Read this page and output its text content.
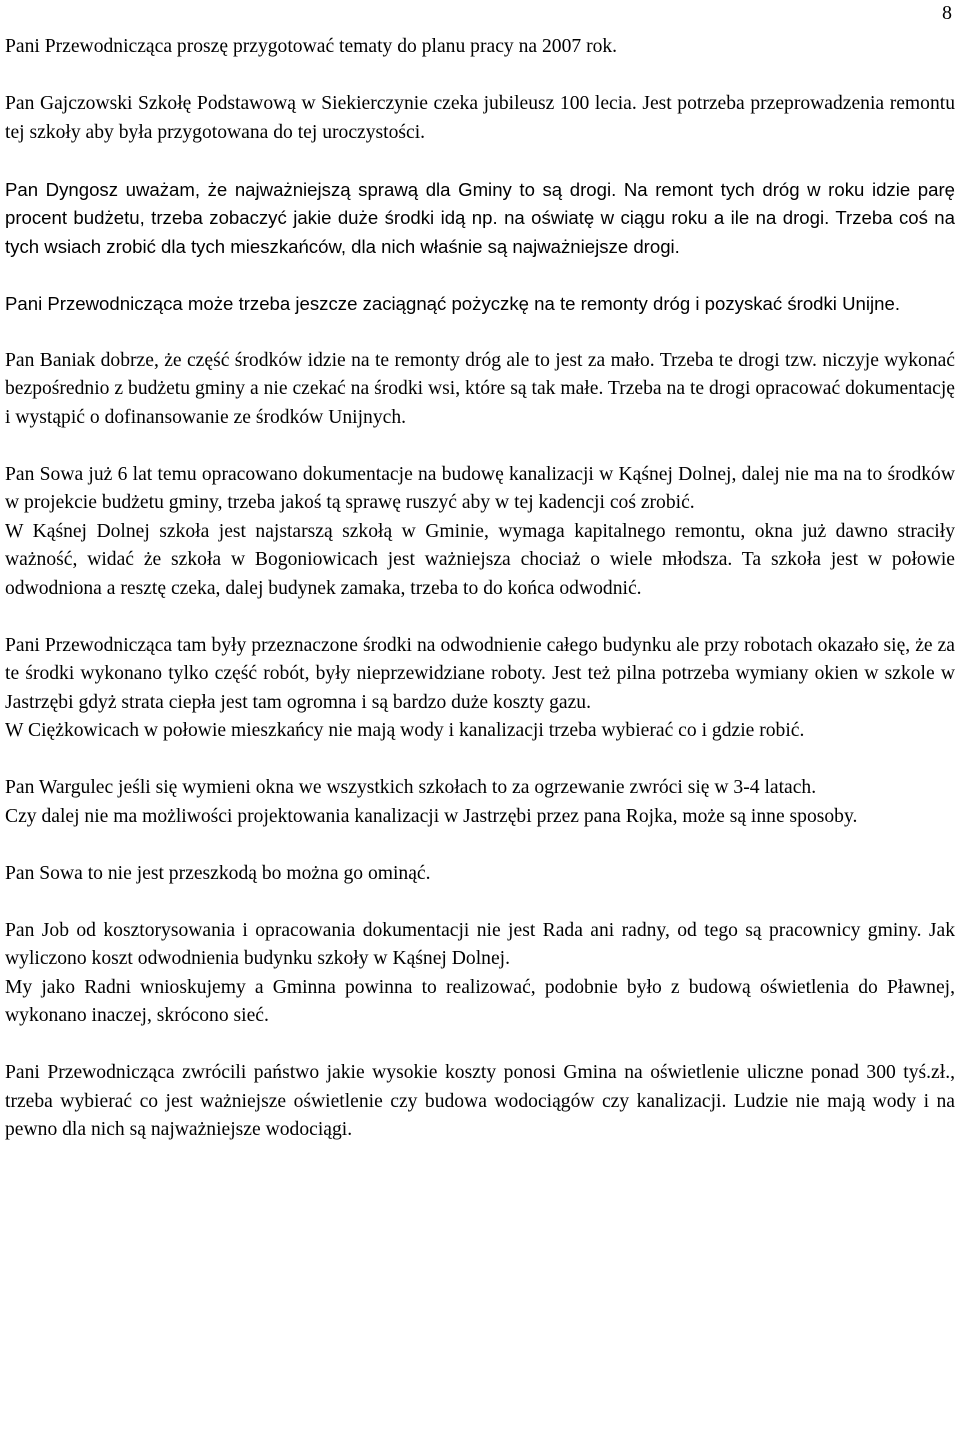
8

Pani Przewodnicząca proszę przygotować tematy do planu pracy na 2007 rok.

Pan Gajczowski Szkołę Podstawową w Siekierczynie czeka jubileusz 100 lecia. Jest potrzeba przeprowadzenia remontu tej szkoły aby była przygotowana do tej uroczystości.

Pan Dyngosz uważam, że najważniejszą sprawą dla Gminy to są drogi. Na remont tych dróg w roku idzie parę procent budżetu, trzeba zobaczyć jakie duże środki idą np. na oświatę w ciągu roku a ile na drogi. Trzeba coś na tych wsiach zrobić dla tych mieszkańców, dla nich właśnie są najważniejsze drogi.

Pani Przewodnicząca może trzeba jeszcze zaciągnąć pożyczkę na te remonty dróg i pozyskać środki Unijne.

Pan Baniak dobrze, że część środków idzie na te remonty dróg ale to jest za mało. Trzeba te drogi tzw. niczyje wykonać bezpośrednio z budżetu gminy a nie czekać na środki wsi, które są tak małe. Trzeba na te drogi opracować dokumentację i wystąpić o dofinansowanie ze środków Unijnych.

Pan Sowa już 6 lat temu opracowano dokumentacje na budowę kanalizacji w Kąśnej Dolnej, dalej nie ma na to środków w projekcie budżetu gminy, trzeba jakoś tą sprawę ruszyć aby w tej kadencji coś zrobić.

W Kąśnej Dolnej szkoła jest najstarszą szkołą w Gminie, wymaga kapitalnego remontu, okna już dawno straciły ważność, widać że szkoła w Bogoniowicach jest ważniejsza chociaż o wiele młodsza. Ta szkoła jest w połowie odwodniona a resztę czeka, dalej budynek zamaka, trzeba to do końca odwodnić.

Pani Przewodnicząca tam były przeznaczone środki na odwodnienie całego budynku ale przy robotach okazało się, że za te środki wykonano tylko część robót, były nieprzewidziane roboty. Jest też pilna potrzeba wymiany okien w szkole w Jastrzębi gdyż strata ciepła jest tam ogromna i są bardzo duże koszty gazu.

W Ciężkowicach w połowie mieszkańcy nie mają wody i kanalizacji trzeba wybierać co i gdzie robić.

Pan Wargulec jeśli się wymieni okna we wszystkich szkołach to za ogrzewanie zwróci się w 3-4 latach.

Czy dalej nie ma możliwości projektowania kanalizacji w Jastrzębi przez pana Rojka, może są inne sposoby.

Pan Sowa to nie jest przeszkodą bo można go ominąć.

Pan Job od kosztorysowania i opracowania dokumentacji nie jest Rada ani radny, od tego są pracownicy gminy. Jak wyliczono koszt odwodnienia budynku szkoły w Kąśnej Dolnej.

My jako Radni wnioskujemy a Gminna powinna to realizować, podobnie było z budową oświetlenia do Pławnej, wykonano inaczej, skrócono sieć.

Pani Przewodnicząca zwrócili państwo jakie wysokie koszty ponosi Gmina na oświetlenie uliczne ponad 300 tyś.zł., trzeba wybierać co jest ważniejsze oświetlenie czy budowa wodociągów czy kanalizacji. Ludzie nie mają wody i na pewno dla nich są najważniejsze wodociągi.
